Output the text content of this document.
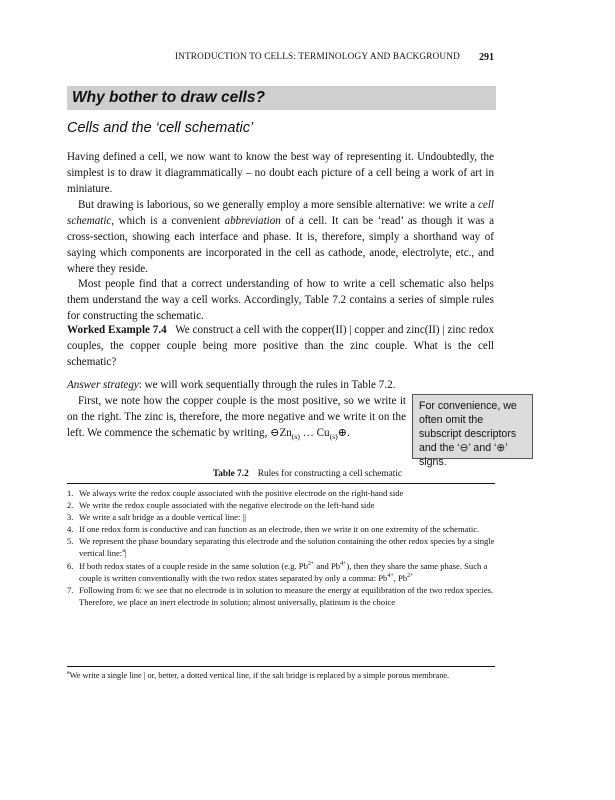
INTRODUCTION TO CELLS: TERMINOLOGY AND BACKGROUND 291
Why bother to draw cells?
Cells and the ‘cell schematic’

Having defined a cell, we now want to know the best way of representing it. Undoubtedly, the simplest is to draw it diagrammatically – no doubt each picture of a cell being a work of art in miniature.

But drawing is laborious, so we generally employ a more sensible alternative: we write a cell schematic, which is a convenient abbreviation of a cell. It can be ‘read’ as though it was a cross-section, showing each interface and phase. It is, therefore, simply a shorthand way of saying which components are incorporated in the cell as cathode, anode, electrolyte, etc., and where they reside.

Most people find that a correct understanding of how to write a cell schematic also helps them understand the way a cell works. Accordingly, Table 7.2 contains a series of simple rules for constructing the schematic.

Worked Example 7.4 We construct a cell with the copper(II) | copper and zinc(II) | zinc redox couples, the copper couple being more positive than the zinc couple. What is the cell schematic?

Answer strategy: we will work sequentially through the rules in Table 7.2.

First, we note how the copper couple is the most positive, so we write it on the right. The zinc is, therefore, the more negative and we write it on the left. We commence the schematic by writing, $⊖Zn_{(s)}$ … $Cu_{(s)}\oplus$.

For convenience, we often omit the subscript descriptors and the ‘⊖’ and ‘⊕’ signs.
Table 7.2 Rules for constructing a cell schematic
1. We always write the redox couple associated with the positive electrode on the right-hand side
2. We write the redox couple associated with the negative electrode on the left-hand side
3. We write a salt bridge as a double vertical line: ||
4. If one redox form is conductive and can function as an electrode, then we write it on one extremity of the schematic.
5. We represent the phase boundary separating this electrode and the solution containing the other redox species by a single vertical line:$^a$|
6. If both redox states of a couple reside in the same solution (e.g. $Pb^{2+}$ and $Pb^{4+}$), then they share the same phase. Such a couple is written conventionally with the two redox states separated by only a comma: $Pb^{4+}$, $Pb^{2+}$
7. Following from 6: we see that no electrode is in solution to measure the energy at equilibration of the two redox species. Therefore, we place an inert electrode in solution; almost universally, platinum is the choice
$^a$We write a single line | or, better, a dotted vertical line, if the salt bridge is replaced by a simple porous membrane.
